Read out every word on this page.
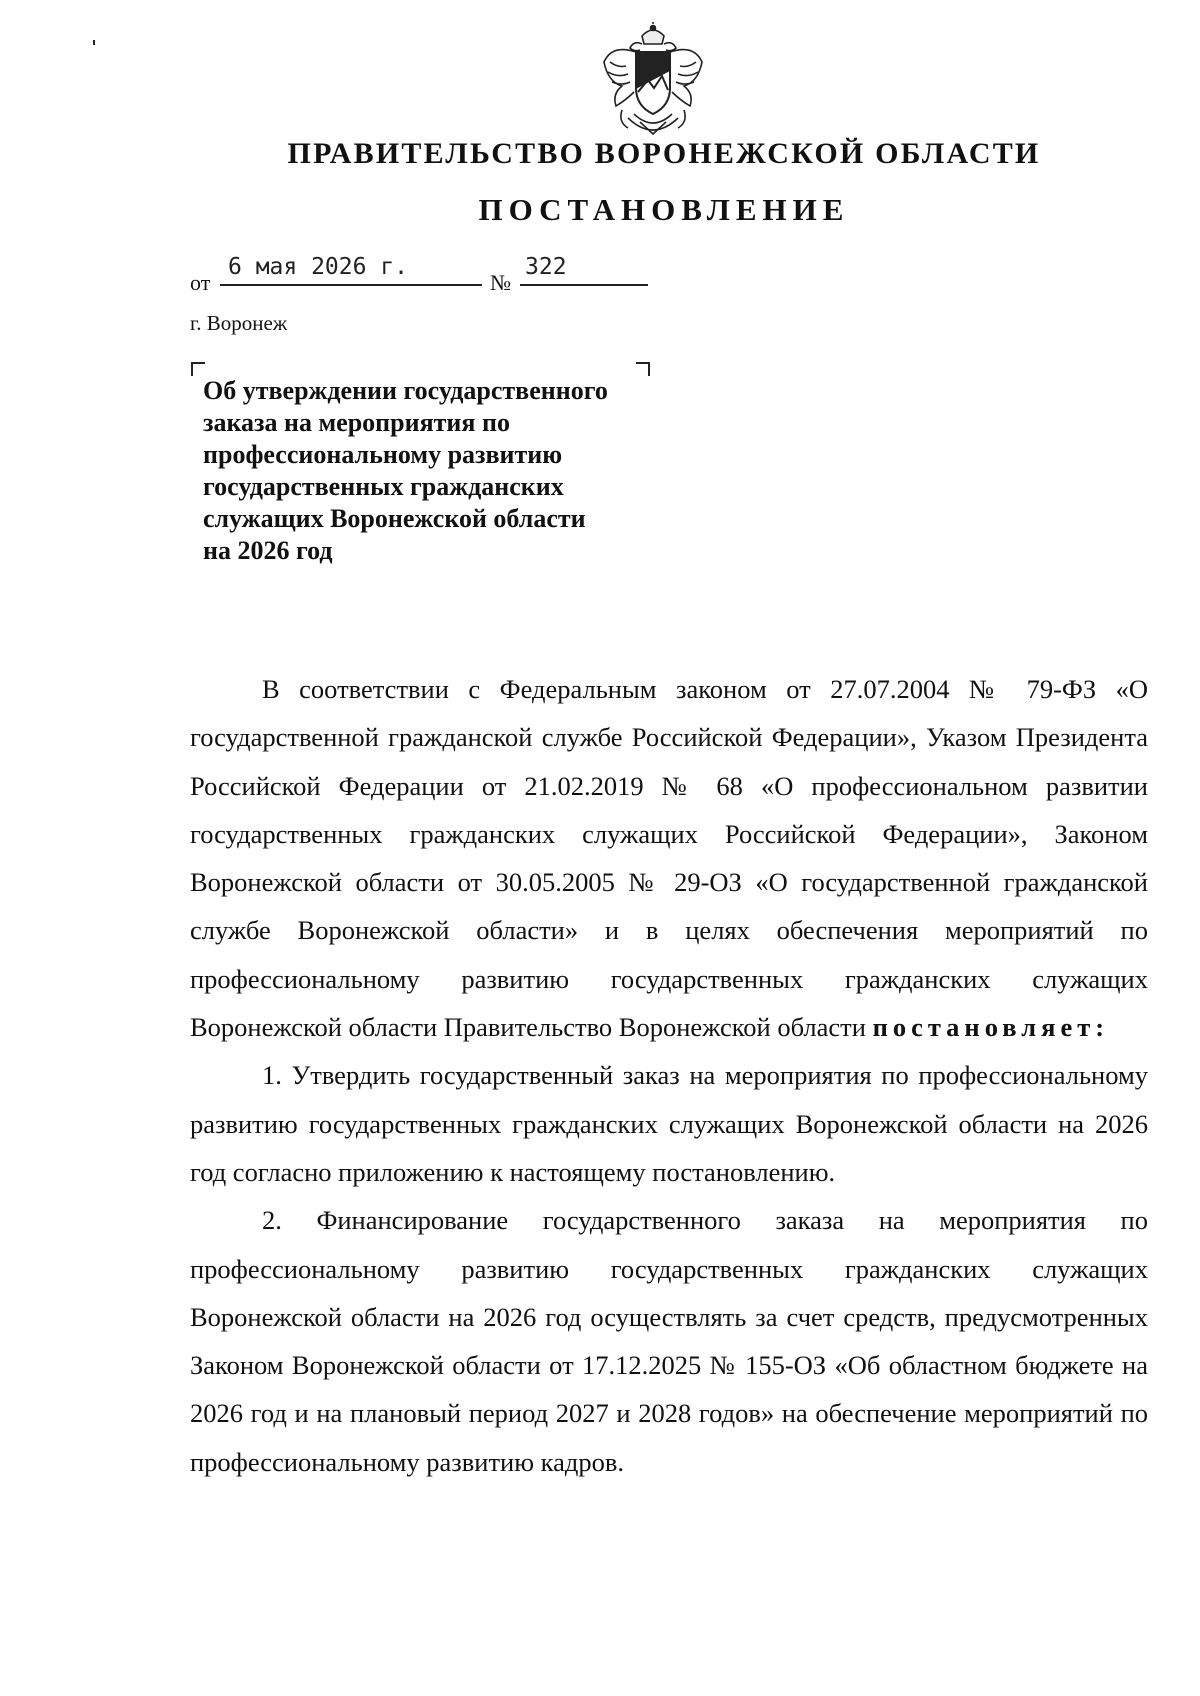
ПРАВИТЕЛЬСТВО ВОРОНЕЖСКОЙ ОБЛАСТИ
ПОСТАНОВЛЕНИЕ
от
6 мая 2026 г.
№
322
г. Воронеж
Об утверждении государственного
заказа на мероприятия по
профессиональному развитию
государственных гражданских
служащих Воронежской области
на 2026 год

В соответствии с Федеральным законом от 27.07.2004 № 79-ФЗ «О государственной гражданской службе Российской Федерации», Указом Президента Российской Федерации от 21.02.2019 № 68 «О профессиональном развитии государственных гражданских служащих Российской Федерации», Законом Воронежской области от 30.05.2005 № 29-ОЗ «О государственной гражданской службе Воронежской области» и в целях обеспечения мероприятий по профессиональному развитию государственных гражданских служащих Воронежской области Правительство Воронежской области постановляет:

1. Утвердить государственный заказ на мероприятия по профессиональному развитию государственных гражданских служащих Воронежской области на 2026 год согласно приложению к настоящему постановлению.

2. Финансирование государственного заказа на мероприятия по профессиональному развитию государственных гражданских служащих Воронежской области на 2026 год осуществлять за счет средств, предусмотренных Законом Воронежской области от 17.12.2025 № 155-ОЗ «Об областном бюджете на 2026 год и на плановый период 2027 и 2028 годов» на обеспечение мероприятий по профессиональному развитию кадров.
